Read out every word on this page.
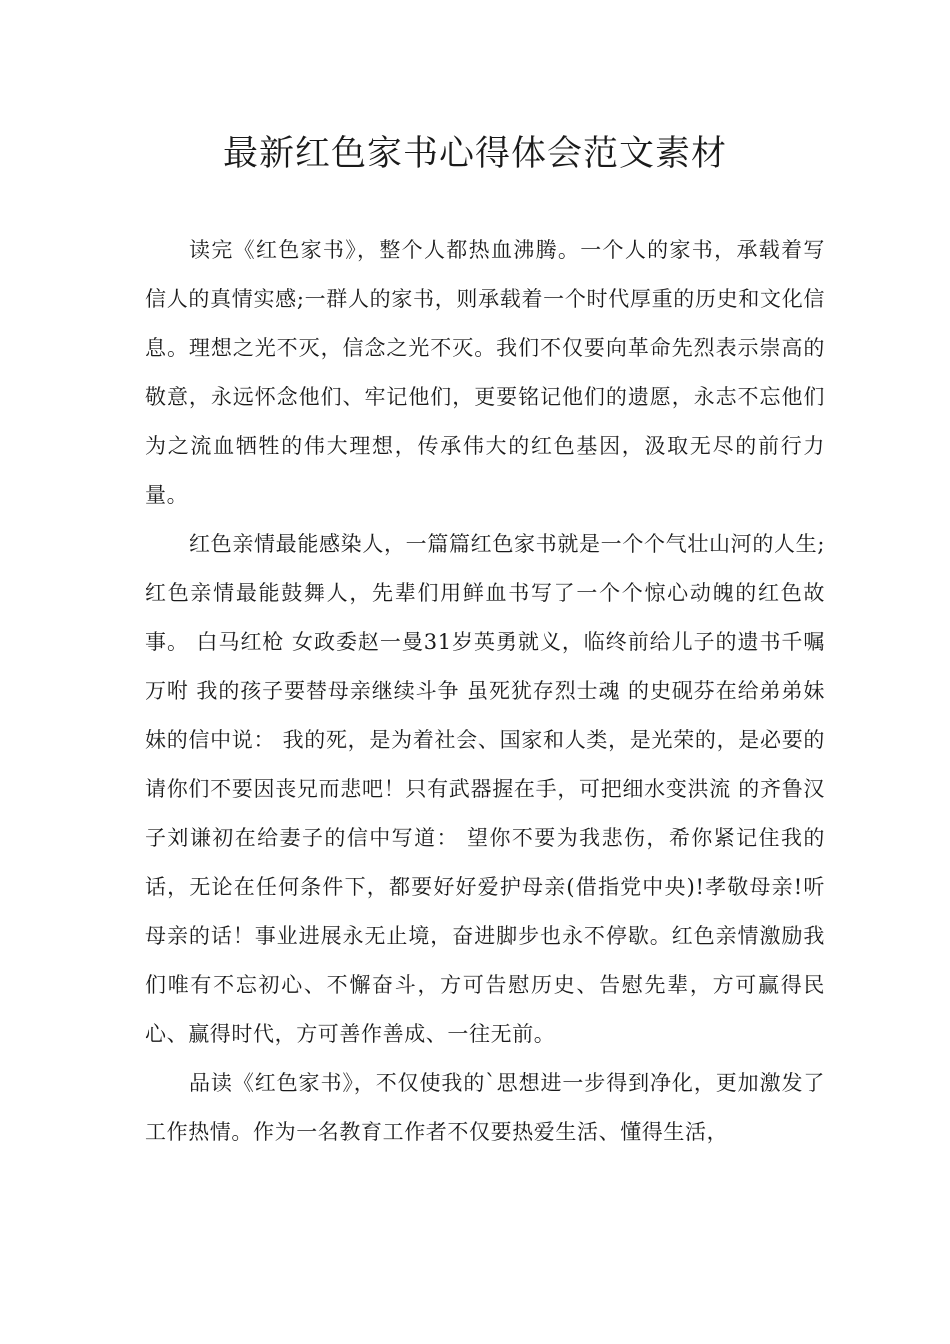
最新红色家书心得体会范文素材

读完《红色家书》，整个人都热血沸腾。一个人的家书，承载着写信人的真情实感;一群人的家书，则承载着一个时代厚重的历史和文化信息。理想之光不灭，信念之光不灭。我们不仅要向革命先烈表示崇高的敬意，永远怀念他们、牢记他们，更要铭记他们的遗愿，永志不忘他们为之流血牺牲的伟大理想，传承伟大的红色基因，汲取无尽的前行力量。

红色亲情最能感染人，一篇篇红色家书就是一个个气壮山河的人生;红色亲情最能鼓舞人，先辈们用鲜血书写了一个个惊心动魄的红色故事。 白马红枪 女政委赵一曼31岁英勇就义，临终前给儿子的遗书千嘱万咐 我的孩子要替母亲继续斗争 虽死犹存烈士魂 的史砚芬在给弟弟妹妹的信中说： 我的死，是为着社会、国家和人类，是光荣的，是必要的 请你们不要因丧兄而悲吧！只有武器握在手，可把细水变洪流 的齐鲁汉子刘谦初在给妻子的信中写道： 望你不要为我悲伤，希你紧记住我的话，无论在任何条件下，都要好好爱护母亲(借指党中央)!孝敬母亲!听母亲的话！事业进展永无止境，奋进脚步也永不停歇。红色亲情激励我们唯有不忘初心、不懈奋斗，方可告慰历史、告慰先辈，方可赢得民心、赢得时代，方可善作善成、一往无前。

品读《红色家书》，不仅使我的`思想进一步得到净化，更加激发了工作热情。作为一名教育工作者不仅要热爱生活、懂得生活，
